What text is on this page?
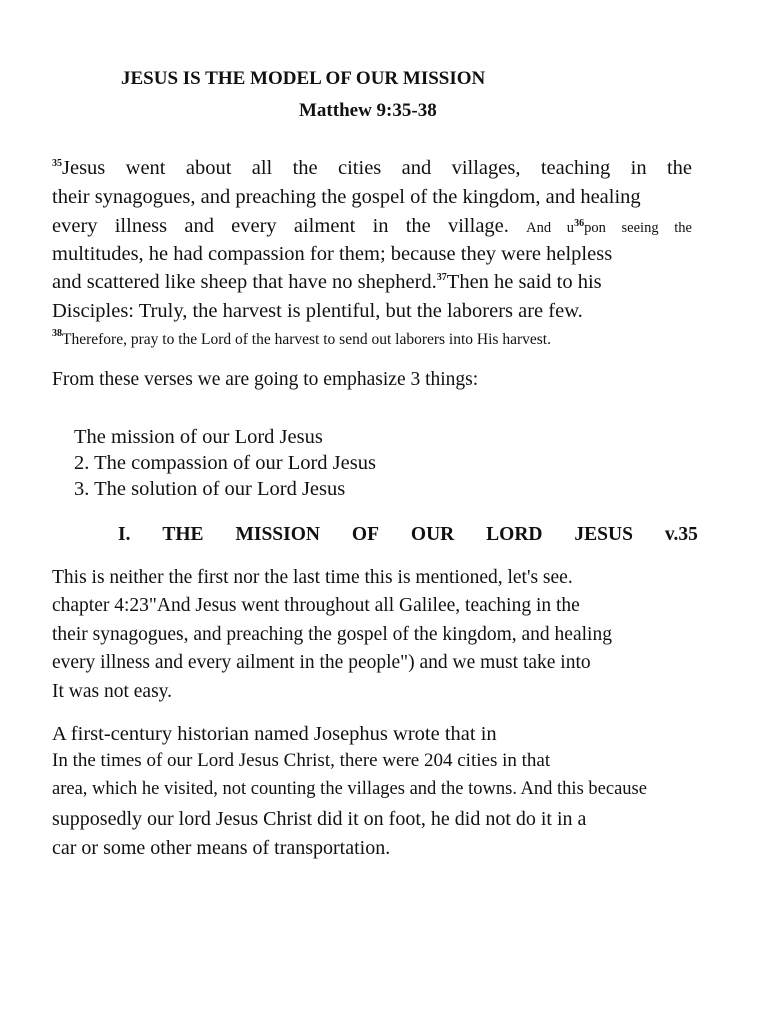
JESUS IS THE MODEL OF OUR MISSION
Matthew 9:35-38
$^{35}$Jesus went about all the cities and villages, teaching in the
their synagogues, and preaching the gospel of the kingdom, and healing
every illness and every ailment in the village. And $u^{36}pon$ seeing the
multitudes, he had compassion for them; because they were helpless
and scattered like sheep that have no shepherd.$^{37}$Then he said to his
Disciples: Truly, the harvest is plentiful, but the laborers are few.
$^{38}$Therefore, pray to the Lord of the harvest to send out laborers into His harvest.
From these verses we are going to emphasize 3 things:
The mission of our Lord Jesus
2. The compassion of our Lord Jesus
3. The solution of our Lord Jesus
I. THE MISSION OF OUR LORD JESUS v.35
This is neither the first nor the last time this is mentioned, let's see.
chapter 4:23"And Jesus went throughout all Galilee, teaching in the
their synagogues, and preaching the gospel of the kingdom, and healing
every illness and every ailment in the people") and we must take into
It was not easy.
A first-century historian named Josephus wrote that in
In the times of our Lord Jesus Christ, there were 204 cities in that
area, which he visited, not counting the villages and the towns. And this because
supposedly our lord Jesus Christ did it on foot, he did not do it in a
car or some other means of transportation.
